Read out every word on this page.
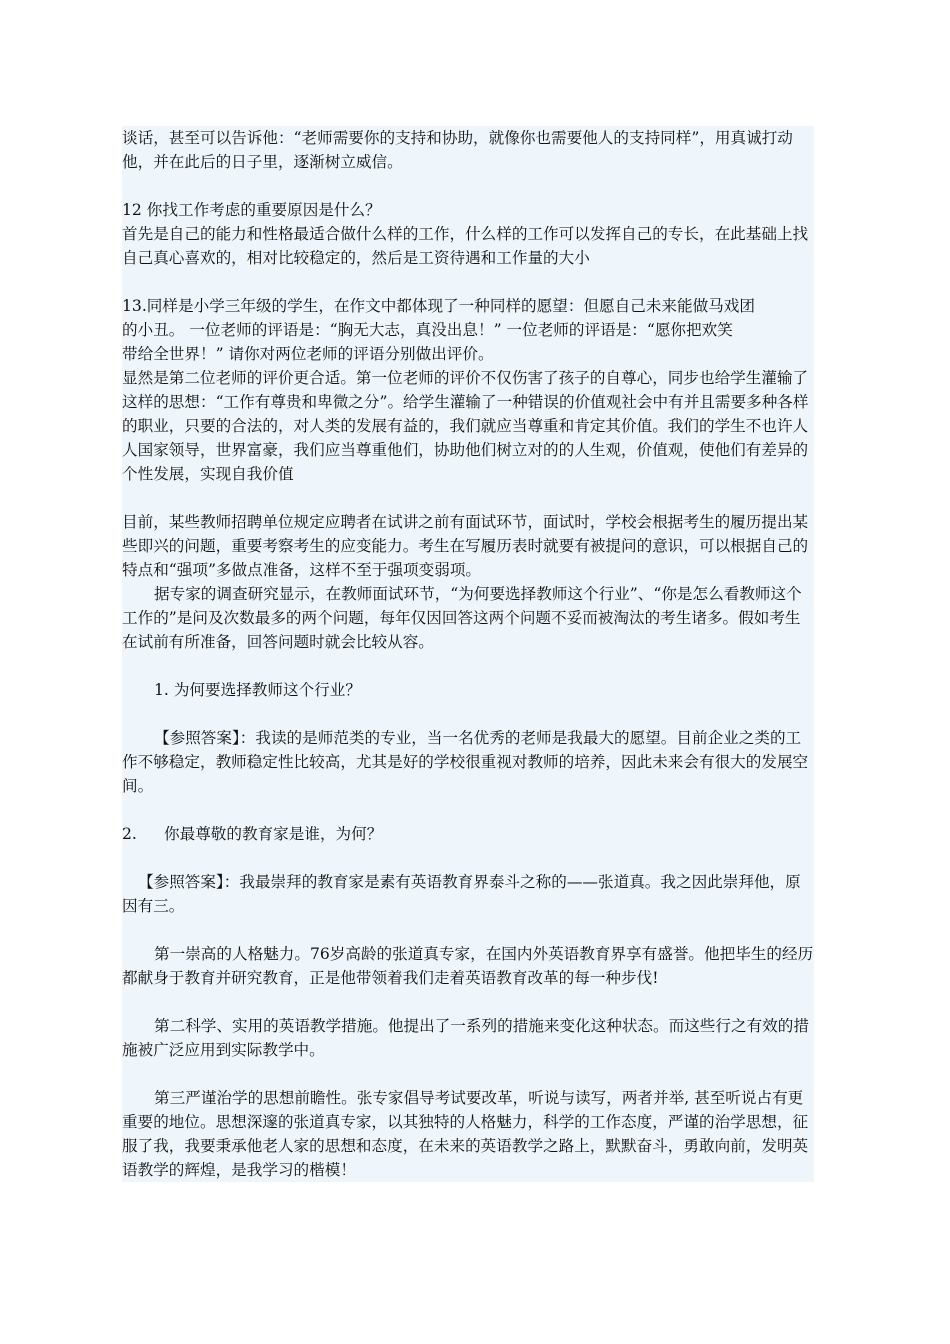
谈话，甚至可以告诉他：“老师需要你的支持和协助，就像你也需要他人的支持同样”，用真诚打动他，并在此后的日子里，逐渐树立威信。

12 你找工作考虑的重要原因是什么？

首先是自己的能力和性格最适合做什么样的工作，什么样的工作可以发挥自己的专长，在此基础上找自己真心喜欢的，相对比较稳定的，然后是工资待遇和工作量的大小

13.同样是小学三年级的学生，在作文中都体现了一种同样的愿望：但愿自己未来能做马戏团

的小丑。 一位老师的评语是：“胸无大志，真没出息！” 一位老师的评语是：“愿你把欢笑

带给全世界！” 请你对两位老师的评语分别做出评价。

显然是第二位老师的评价更合适。第一位老师的评价不仅伤害了孩子的自尊心，同步也给学生灌输了这样的思想：“工作有尊贵和卑微之分”。给学生灌输了一种错误的价值观社会中有并且需要多种各样的职业，只要的合法的，对人类的发展有益的，我们就应当尊重和肯定其价值。我们的学生不也许人人国家领导，世界富豪，我们应当尊重他们，协助他们树立对的的人生观，价值观，使他们有差异的个性发展，实现自我价值

目前，某些教师招聘单位规定应聘者在试讲之前有面试环节，面试时，学校会根据考生的履历提出某些即兴的问题，重要考察考生的应变能力。考生在写履历表时就要有被提问的意识，可以根据自己的特点和“强项”多做点准备，这样不至于强项变弱项。

据专家的调查研究显示，在教师面试环节，“为何要选择教师这个行业”、“你是怎么看教师这个工作的”是问及次数最多的两个问题，每年仅因回答这两个问题不妥而被淘汰的考生诸多。假如考生在试前有所准备，回答问题时就会比较从容。

1. 为何要选择教师这个行业？

【参照答案】：我读的是师范类的专业，当一名优秀的老师是我最大的愿望。目前企业之类的工作不够稳定，教师稳定性比较高，尤其是好的学校很重视对教师的培养，因此未来会有很大的发展空间。

2. 你最尊敬的教育家是谁，为何？

【参照答案】：我最崇拜的教育家是素有英语教育界泰斗之称的——张道真。我之因此崇拜他，原因有三。

第一崇高的人格魅力。76岁高龄的张道真专家，在国内外英语教育界享有盛誉。他把毕生的经历都献身于教育并研究教育，正是他带领着我们走着英语教育改革的每一种步伐!

第二科学、实用的英语教学措施。他提出了一系列的措施来变化这种状态。而这些行之有效的措施被广泛应用到实际教学中。

第三严谨治学的思想前瞻性。张专家倡导考试要改革，听说与读写，两者并举, 甚至听说占有更重要的地位。思想深邃的张道真专家，以其独特的人格魅力，科学的工作态度，严谨的治学思想，征服了我，我要秉承他老人家的思想和态度，在未来的英语教学之路上，默默奋斗，勇敢向前，发明英语教学的辉煌，是我学习的楷模！
